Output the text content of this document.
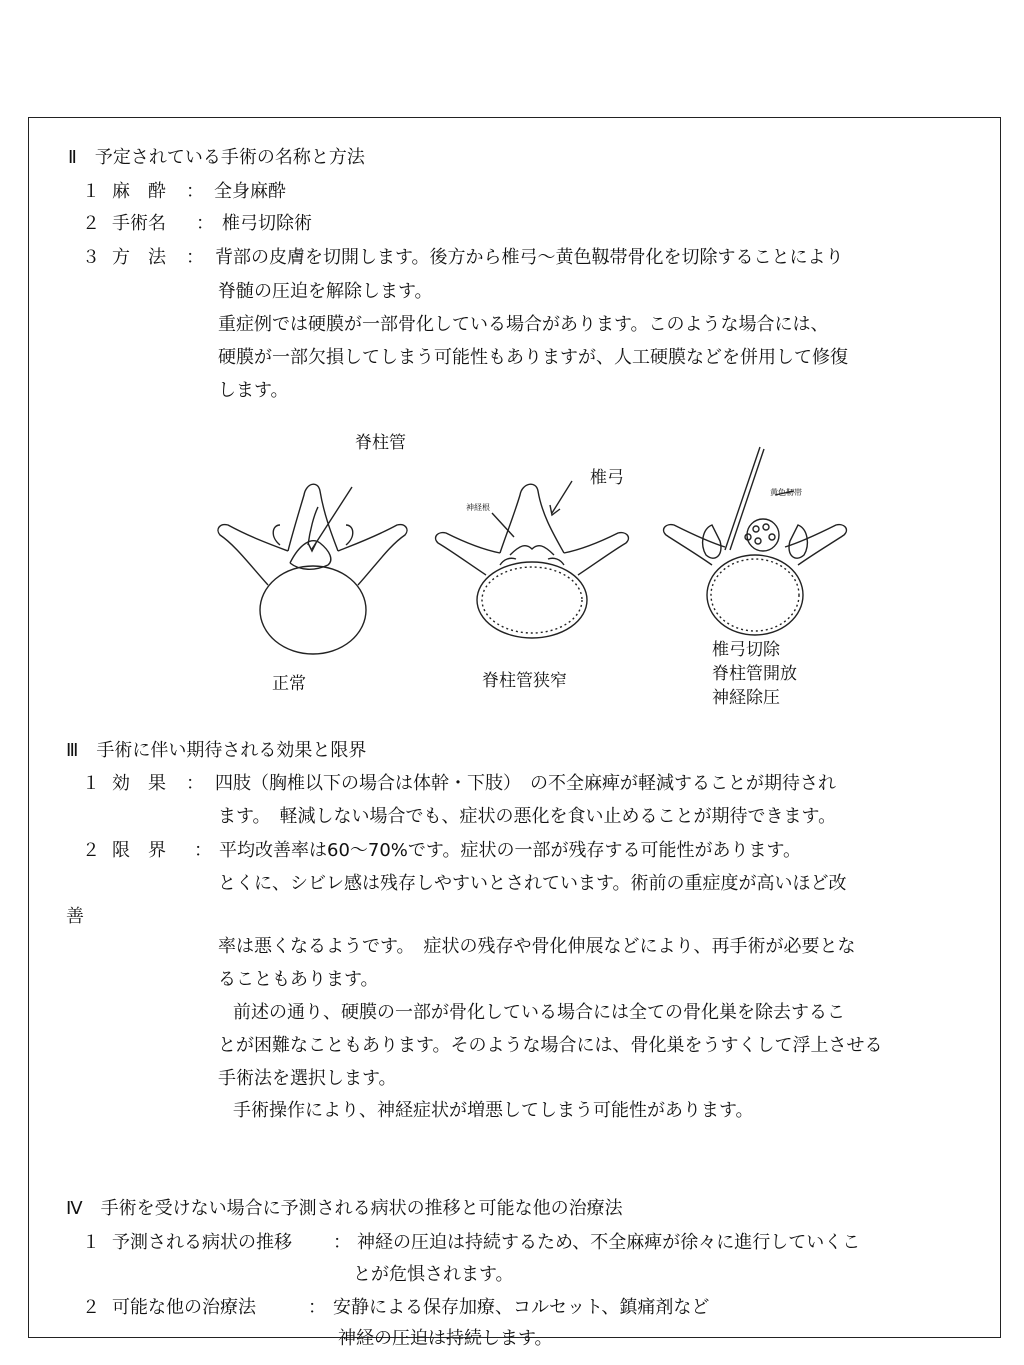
Ⅱ　予定されている手術の名称と方法
１ 麻　酔 ： 全身麻酔
２ 手術名 ： 椎弓切除術
３ 方　法 ： 背部の皮膚を切開します。後方から椎弓～黄色靱帯骨化を切除することにより
脊髄の圧迫を解除します。
重症例では硬膜が一部骨化している場合があります。このような場合には、
硬膜が一部欠損してしまう可能性もありますが、人工硬膜などを併用して修復
します。
脊柱管
椎弓
神経根
黄色靭帯
正常	脊柱管狭窄
椎弓切除
脊柱管開放
神経除圧
Ⅲ　手術に伴い期待される効果と限界
１ 効　果 ： 四肢（胸椎以下の場合は体幹・下肢）　の不全麻痺が軽減することが期待され
ます。　軽減しない場合でも、症状の悪化を食い止めることが期待できます。
２ 限　界 ： 平均改善率は60～70%です。症状の一部が残存する可能性があります。
とくに、シビレ感は残存しやすいとされています。術前の重症度が高いほど改
善
率は悪くなるようです。　症状の残存や骨化伸展などにより、再手術が必要とな
ることもあります。
前述の通り、硬膜の一部が骨化している場合には全ての骨化巣を除去するこ
とが困難なこともあります。そのような場合には、骨化巣をうすくして浮上させる
手術法を選択します。
手術操作により、神経症状が増悪してしまう可能性があります。
Ⅳ　手術を受けない場合に予測される病状の推移と可能な他の治療法
１ 予測される病状の推移 ： 神経の圧迫は持続するため、不全麻痺が徐々に進行していくこ
とが危惧されます。
２ 可能な他の治療法	： 安静による保存加療、コルセット、鎮痛剤など
神経の圧迫は持続します。
